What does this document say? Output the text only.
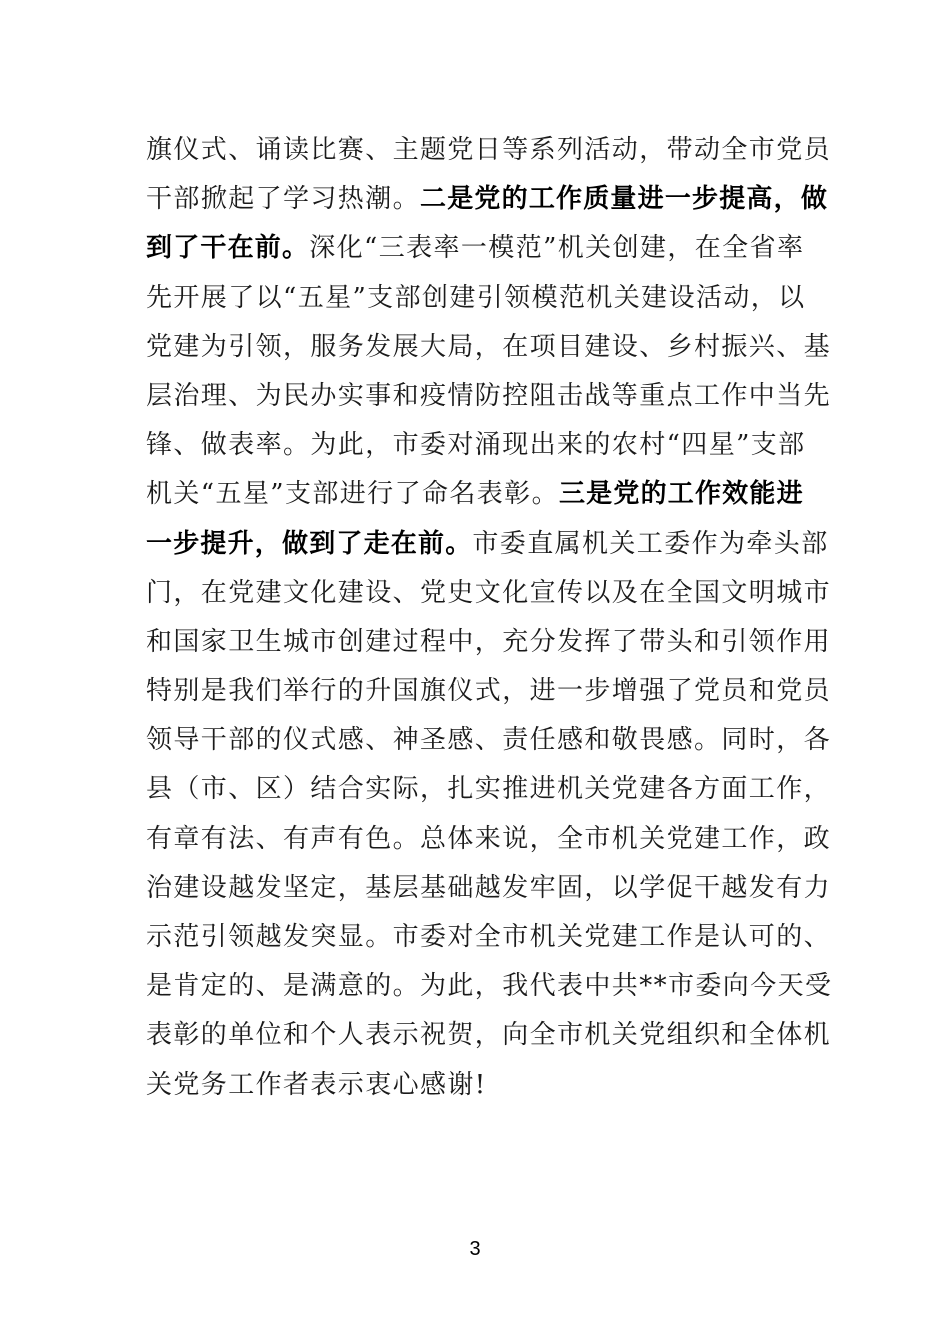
旗仪式、诵读比赛、主题党日等系列活动，带动全市党员
干部掀起了学习热潮。二是党的工作质量进一步提高，做
到了干在前。深化“三表率一模范”机关创建，在全省率
先开展了以“五星”支部创建引领模范机关建设活动，以
党建为引领，服务发展大局，在项目建设、乡村振兴、基
层治理、为民办实事和疫情防控阻击战等重点工作中当先
锋、做表率。为此，市委对涌现出来的农村“四星”支部
机关“五星”支部进行了命名表彰。三是党的工作效能进
一步提升，做到了走在前。市委直属机关工委作为牵头部
门，在党建文化建设、党史文化宣传以及在全国文明城市
和国家卫生城市创建过程中，充分发挥了带头和引领作用
特别是我们举行的升国旗仪式，进一步增强了党员和党员
领导干部的仪式感、神圣感、责任感和敬畏感。同时，各
县（市、区）结合实际，扎实推进机关党建各方面工作，
有章有法、有声有色。总体来说，全市机关党建工作，政
治建设越发坚定，基层基础越发牢固，以学促干越发有力
示范引领越发突显。市委对全市机关党建工作是认可的、
是肯定的、是满意的。为此，我代表中共**市委向今天受
表彰的单位和个人表示祝贺，向全市机关党组织和全体机
关党务工作者表示衷心感谢!
3
